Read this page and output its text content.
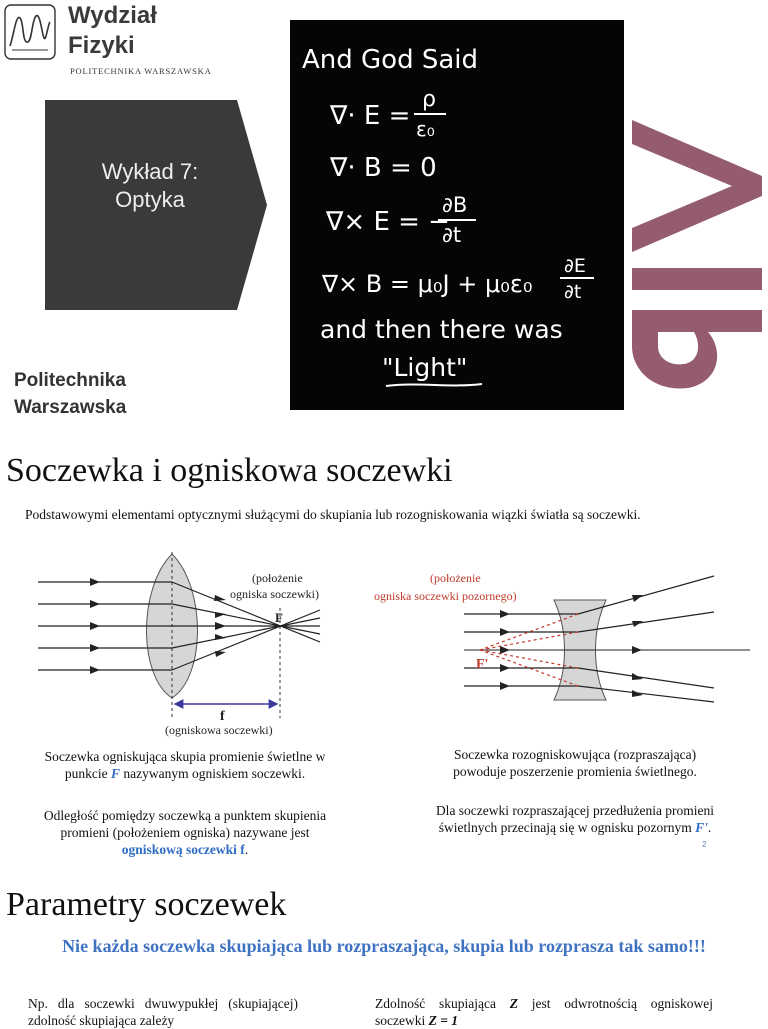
Wydział
Fizyki
POLITECHNIKA WARSZAWSKA
Wykład 7:
Optyka
Politechnika
Warszawska
And God Said
∇· E =
ρ
ε₀
∇· B = 0
∇× E = −
∂B
∂t
∇× B = μ₀J + μ₀ε₀
∂E
∂t
and then there was
"Light"
Soczewka i ogniskowa soczewki
Podstawowymi elementami optycznymi służącymi do skupiania lub rozogniskowania wiązki światła są soczewki.
(położenie
ogniska soczewki)
F
f
(ogniskowa soczewki)
(położenie
ogniska soczewki pozornego)
F'
Soczewka ogniskująca skupia promienie świetlne w punkcie F nazywanym ogniskiem soczewki.
Odległość pomiędzy soczewką a punktem skupienia promieni (położeniem ogniska) nazywane jest ogniskową soczewki f.
Soczewka rozogniskowująca (rozpraszająca) powoduje poszerzenie promienia świetlnego.
Dla soczewki rozpraszającej przedłużenia promieni świetlnych przecinają się w ognisku pozornym F'.
2
Parametry soczewek
Nie każda soczewka skupiająca lub rozpraszająca, skupia lub rozprasza tak samo!!!
Np. dla soczewki dwuwypukłej (skupiającej) zdolność skupiająca zależy
Zdolność skupiająca Z jest odwrotnością ogniskowej soczewki Z = 1
